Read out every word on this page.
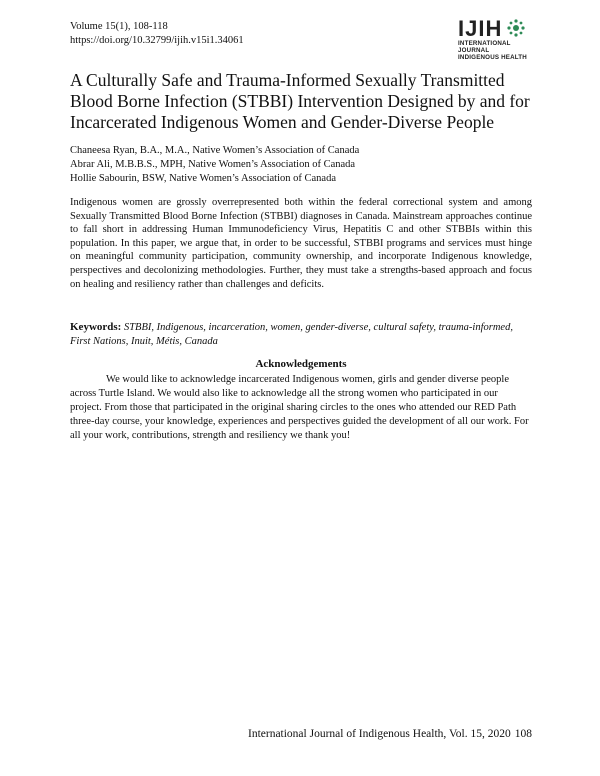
Volume 15(1), 108-118
https://doi.org/10.32799/ijih.v15i1.34061	IJIH
INTERNATIONAL JOURNAL
INDIGENOUS HEALTH
A Culturally Safe and Trauma-Informed Sexually Transmitted Blood Borne Infection (STBBI) Intervention Designed by and for Incarcerated Indigenous Women and Gender-Diverse People
Chaneesa Ryan, B.A., M.A., Native Women’s Association of Canada
Abrar Ali, M.B.B.S., MPH, Native Women’s Association of Canada
Hollie Sabourin, BSW, Native Women’s Association of Canada
Indigenous women are grossly overrepresented both within the federal correctional system and among Sexually Transmitted Blood Borne Infection (STBBI) diagnoses in Canada. Mainstream approaches continue to fall short in addressing Human Immunodeficiency Virus, Hepatitis C and other STBBIs within this population. In this paper, we argue that, in order to be successful, STBBI programs and services must hinge on meaningful community participation, community ownership, and incorporate Indigenous knowledge, perspectives and decolonizing methodologies. Further, they must take a strengths-based approach and focus on healing and resiliency rather than challenges and deficits.
Keywords: STBBI, Indigenous, incarceration, women, gender-diverse, cultural safety, trauma-informed, First Nations, Inuit, Métis, Canada
Acknowledgements
We would like to acknowledge incarcerated Indigenous women, girls and gender diverse people across Turtle Island. We would also like to acknowledge all the strong women who participated in our project. From those that participated in the original sharing circles to the ones who attended our RED Path three-day course, your knowledge, experiences and perspectives guided the development of all our work. For all your work, contributions, strength and resiliency we thank you!
International Journal of Indigenous Health, Vol. 15, 2020 108
